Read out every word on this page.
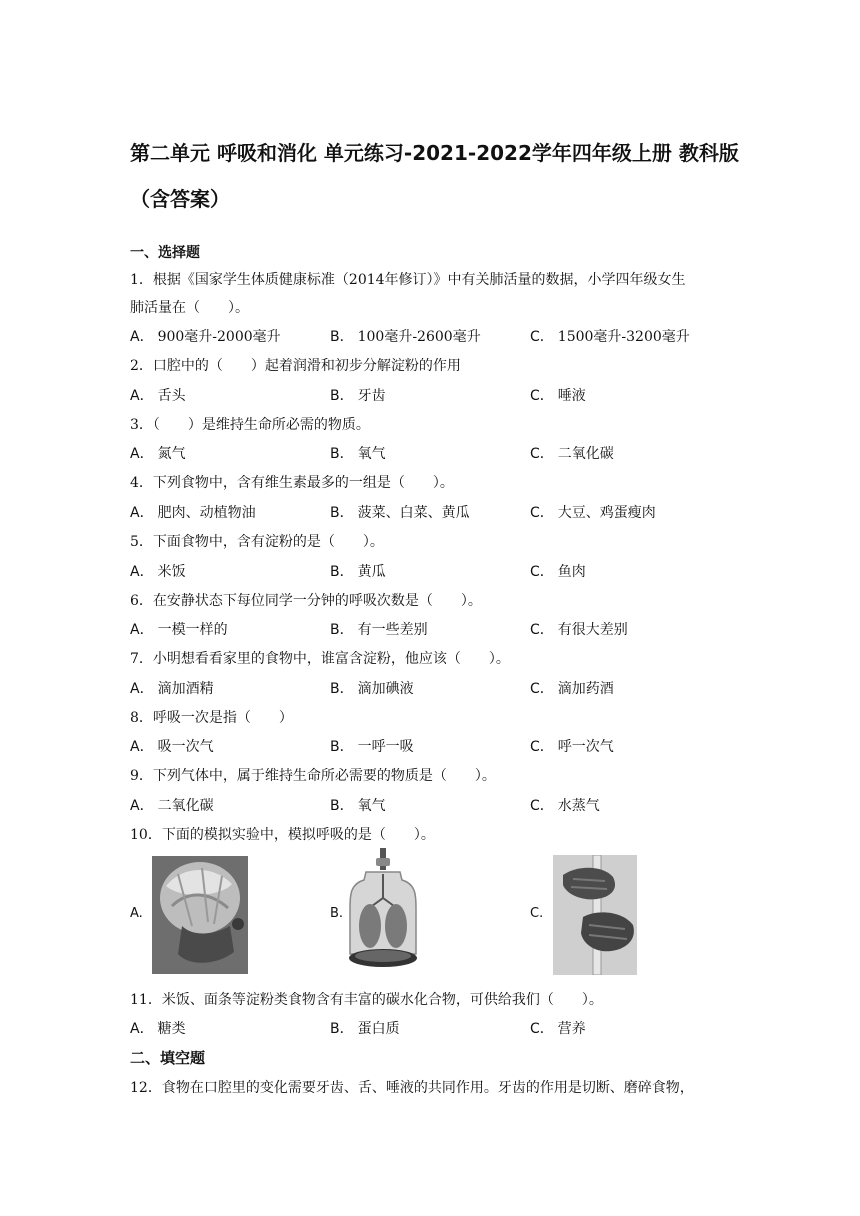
第二单元 呼吸和消化 单元练习-2021-2022学年四年级上册 教科版
（含答案）
一、选择题
1．根据《国家学生体质健康标准（2014年修订）》中有关肺活量的数据，小学四年级女生
肺活量在（　　）。
A． 900毫升-2000毫升	B． 100毫升-2600毫升	C． 1500毫升-3200毫升
2．口腔中的（　　）起着润滑和初步分解淀粉的作用
A． 舌头	B． 牙齿	C． 唾液
3．（　　）是维持生命所必需的物质。
A． 氮气	B． 氧气	C． 二氧化碳
4．下列食物中，含有维生素最多的一组是（　　）。
A． 肥肉、动植物油	B． 菠菜、白菜、黄瓜	C． 大豆、鸡蛋瘦肉
5．下面食物中，含有淀粉的是（　　）。
A． 米饭	B． 黄瓜	C． 鱼肉
6．在安静状态下每位同学一分钟的呼吸次数是（　　）。
A． 一模一样的	B． 有一些差别	C． 有很大差别
7．小明想看看家里的食物中，谁富含淀粉，他应该（　　）。
A． 滴加酒精	B． 滴加碘液	C． 滴加药酒
8．呼吸一次是指（　　）
A． 吸一次气	B． 一呼一吸	C． 呼一次气
9．下列气体中，属于维持生命所必需要的物质是（　　）。
A． 二氧化碳	B． 氧气	C． 水蒸气
10．下面的模拟实验中，模拟呼吸的是（　　）。
A.	B.	C.
11．米饭、面条等淀粉类食物含有丰富的碳水化合物，可供给我们（　　）。
A． 糖类	B． 蛋白质	C． 营养
二、填空题
12．食物在口腔里的变化需要牙齿、舌、唾液的共同作用。牙齿的作用是切断、磨碎食物，
